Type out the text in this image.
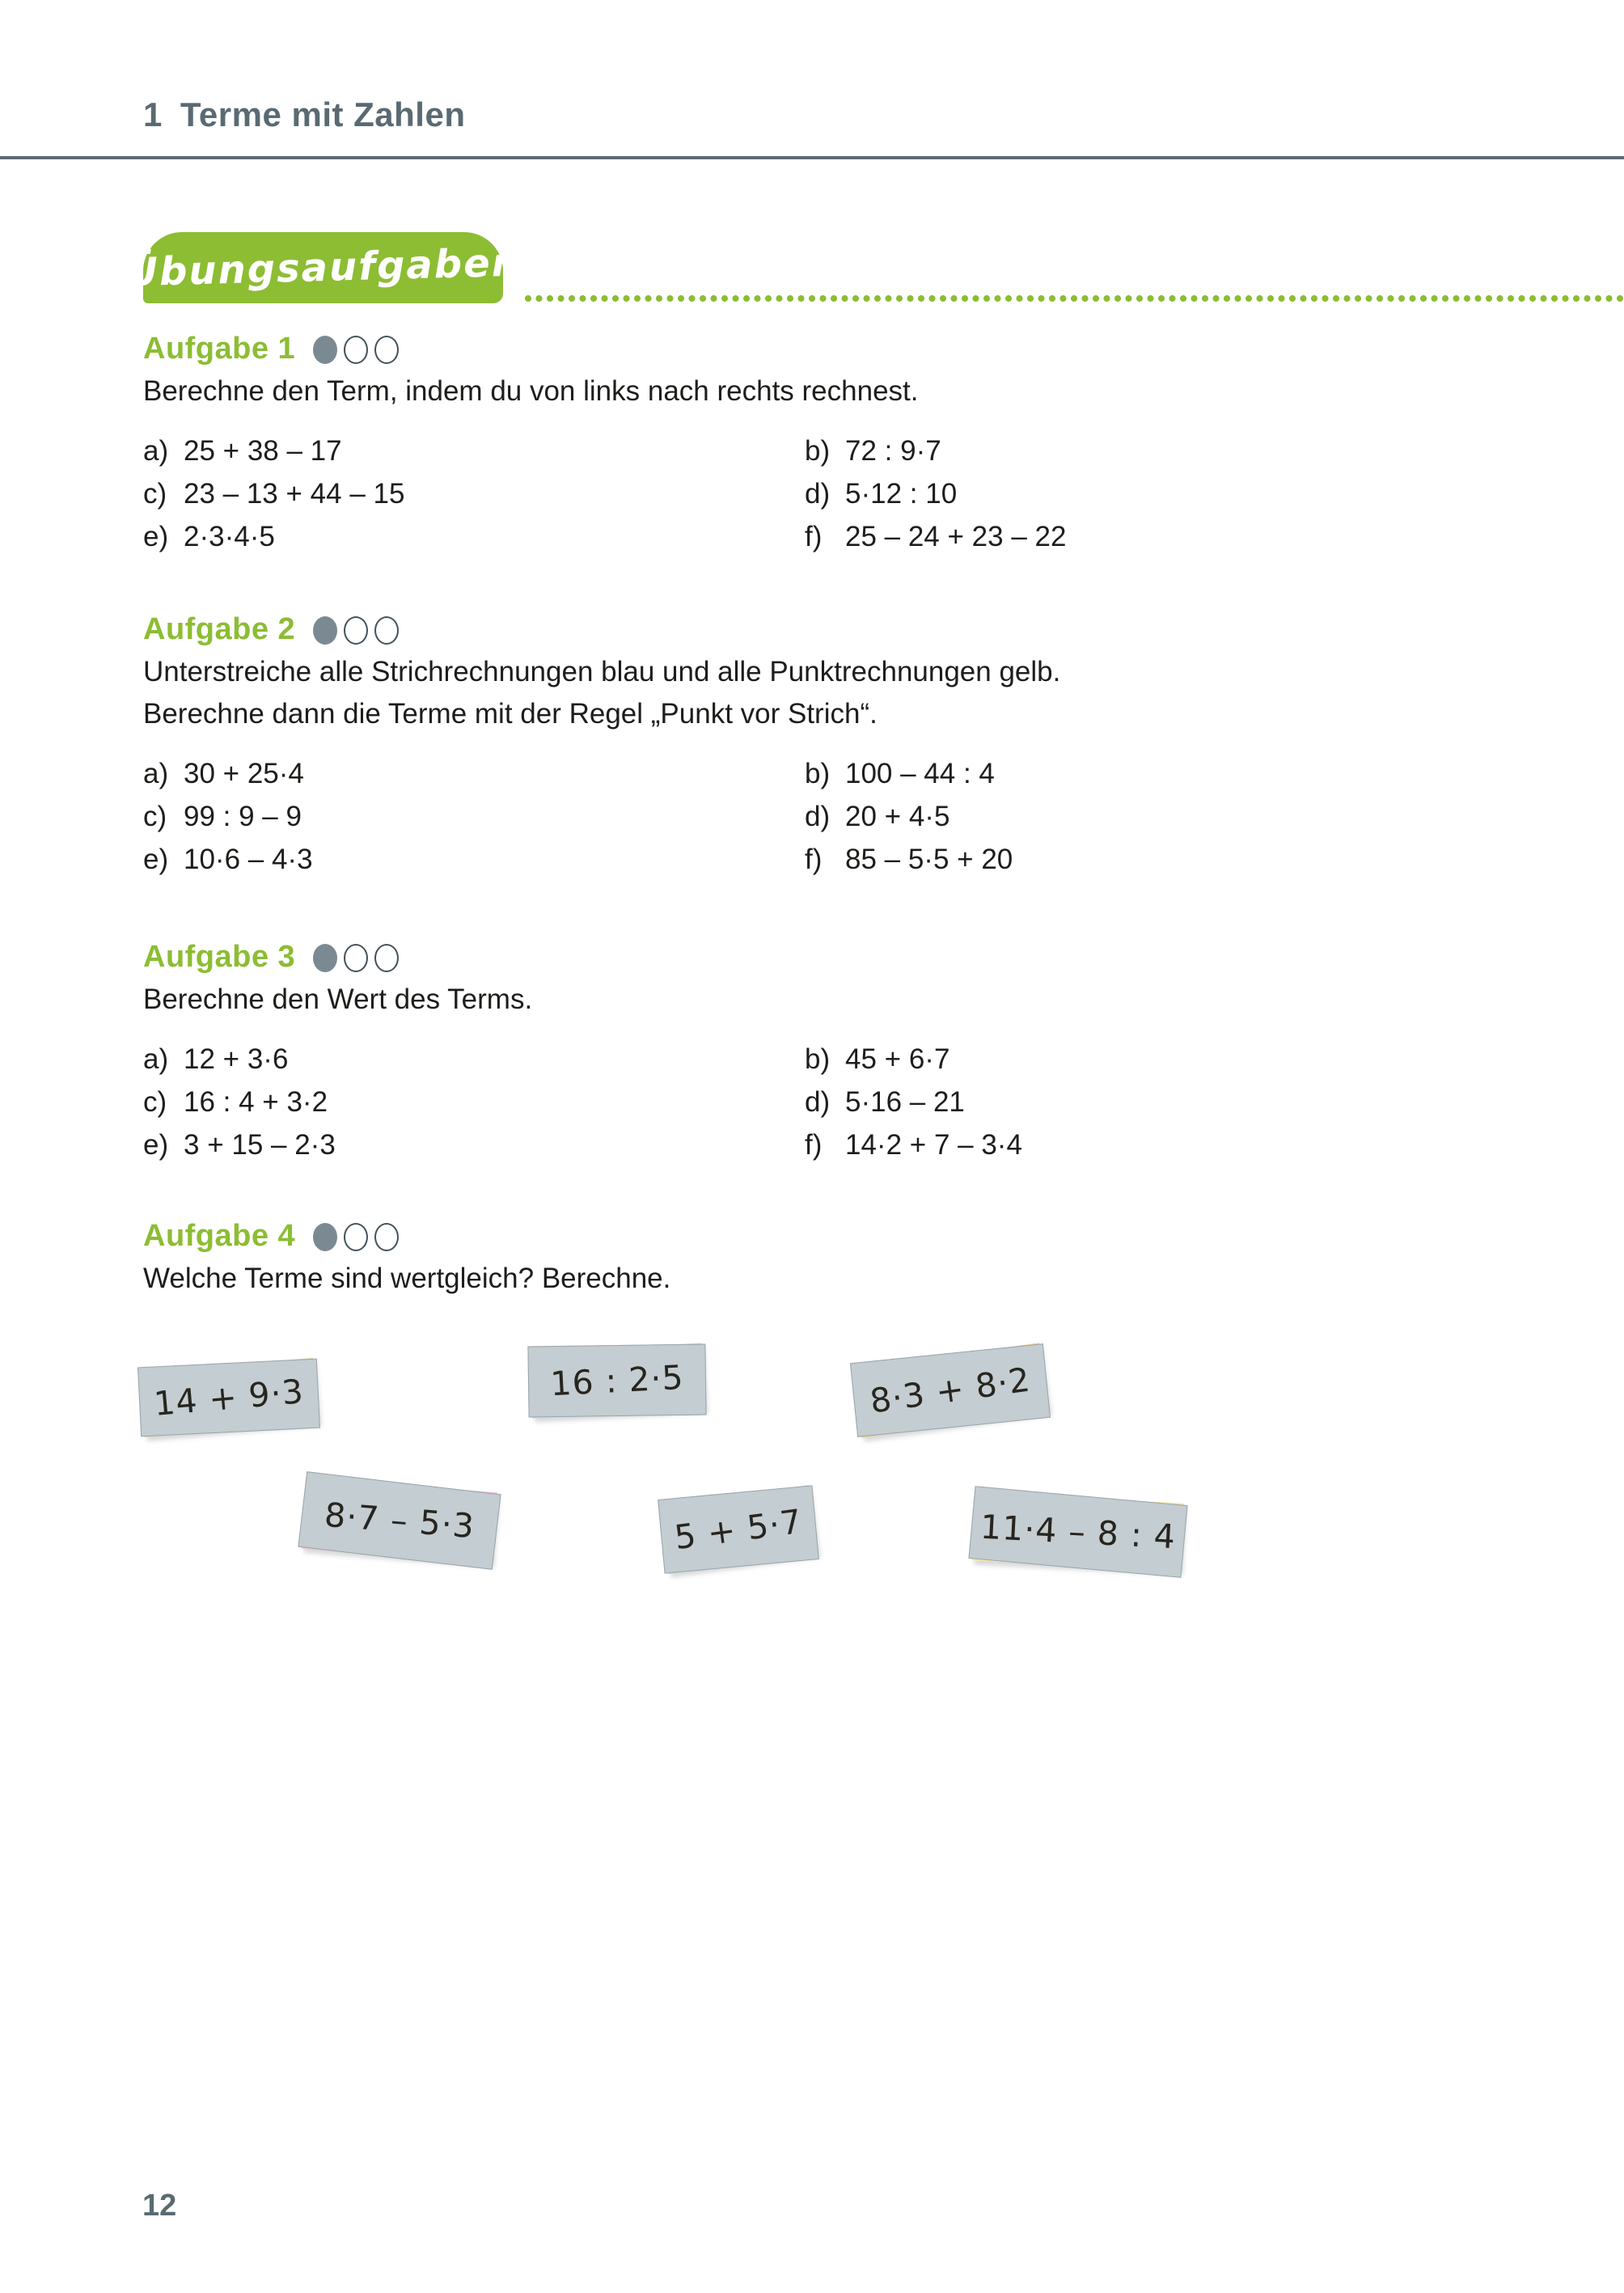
1 Terme mit Zahlen
Übungsaufgaben
Aufgabe 1

Berechne den Term, indem du von links nach rechts rechnest.

a) 25 + 38 – 17	b) 72 : 9·7
c) 23 – 13 + 44 – 15	d) 5·12 : 10
e) 2·3·4·5	f) 25 – 24 + 23 – 22
Aufgabe 2

Unterstreiche alle Strichrechnungen blau und alle Punktrechnungen gelb.

Berechne dann die Terme mit der Regel „Punkt vor Strich“.

a) 30 + 25·4	b) 100 – 44 : 4
c) 99 : 9 – 9	d) 20 + 4·5
e) 10·6 – 4·3	f) 85 – 5·5 + 20
Aufgabe 3

Berechne den Wert des Terms.

a) 12 + 3·6	b) 45 + 6·7
c) 16 : 4 + 3·2	d) 5·16 – 21
e) 3 + 15 – 2·3	f) 14·2 + 7 – 3·4
Aufgabe 4

Welche Terme sind wertgleich? Berechne.

14 + 9·3	16 : 2·5	8·3 + 8·2
8·7 – 5·3	5 + 5·7	11·4 – 8 : 4
12
